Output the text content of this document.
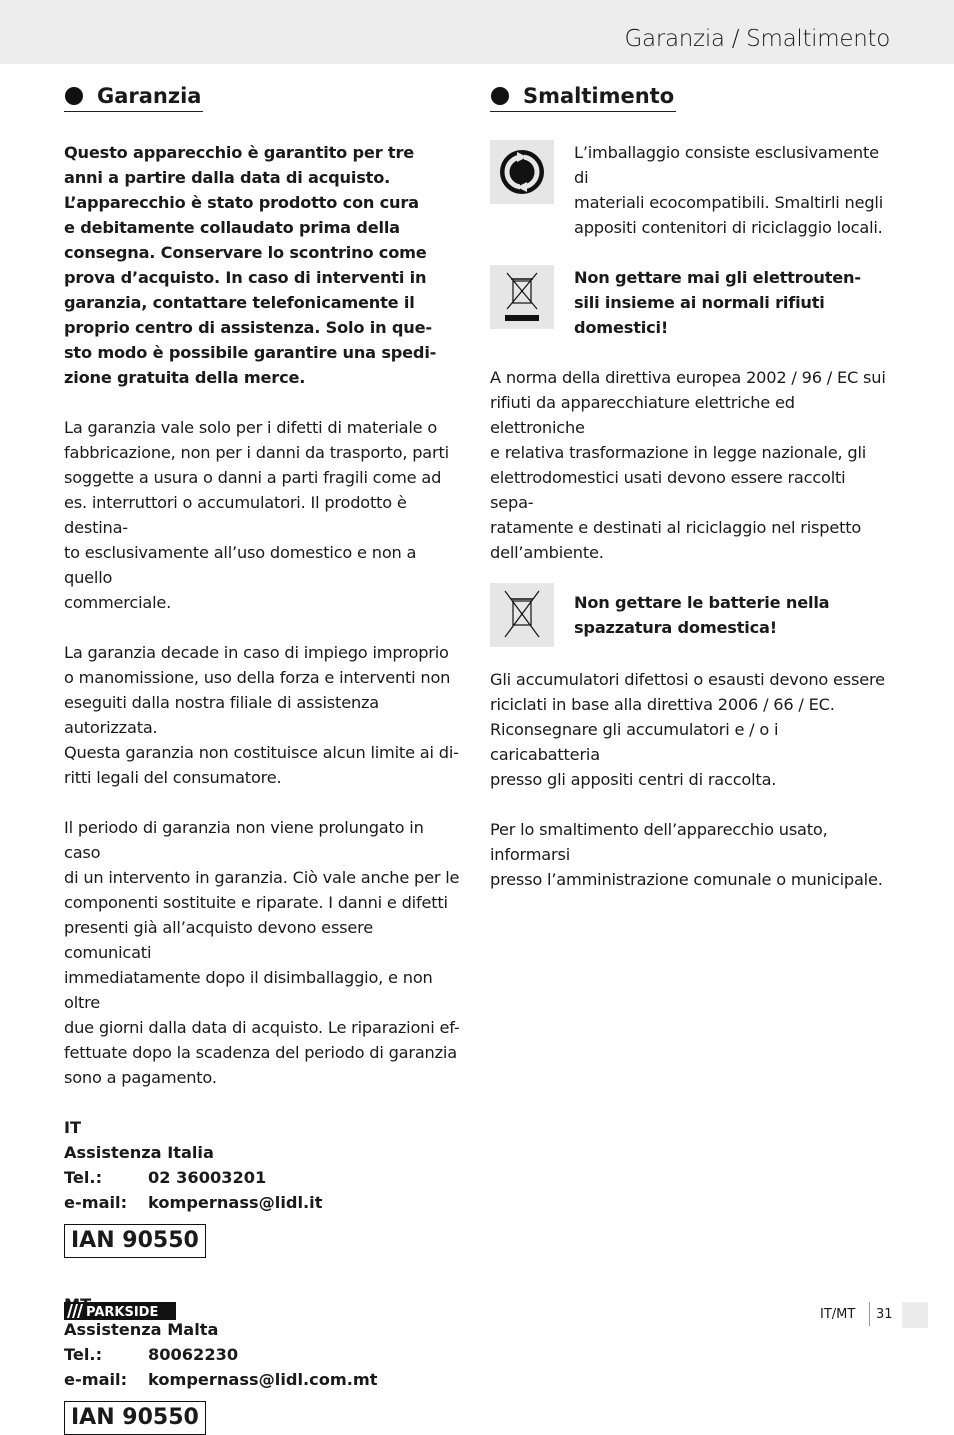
Garanzia / Smaltimento
Garanzia

Questo apparecchio è garantito per tre

anni a partire dalla data di acquisto.

L’apparecchio è stato prodotto con cura

e debitamente collaudato prima della

consegna. Conservare lo scontrino come

prova d’acquisto. In caso di interventi in

garanzia, contattare telefonicamente il

proprio centro di assistenza. Solo in que-

sto modo è possibile garantire una spedi-

zione gratuita della merce.

La garanzia vale solo per i difetti di materiale o

fabbricazione, non per i danni da trasporto, parti

soggette a usura o danni a parti fragili come ad

es. interruttori o accumulatori. Il prodotto è destina-

to esclusivamente all’uso domestico e non a quello

commerciale.

La garanzia decade in caso di impiego improprio

o manomissione, uso della forza e interventi non

eseguiti dalla nostra filiale di assistenza autorizzata.

Questa garanzia non costituisce alcun limite ai di-

ritti legali del consumatore.

Il periodo di garanzia non viene prolungato in caso

di un intervento in garanzia. Ciò vale anche per le

componenti sostituite e riparate. I danni e difetti

presenti già all’acquisto devono essere comunicati

immediatamente dopo il disimballaggio, e non oltre

due giorni dalla data di acquisto. Le riparazioni ef-

fettuate dopo la scadenza del periodo di garanzia

sono a pagamento.

IT
Assistenza Italia
Tel.:	02 36003201
e-mail:	kompernass@lidl.it
IAN 90550
Assistenza Malta
Tel.:	80062230
e-mail:	kompernass@lidl.com.mt
IAN 90550
Smaltimento

L’imballaggio consiste esclusivamente di

materiali ecocompatibili. Smaltirli negli

appositi contenitori di riciclaggio locali.

Non gettare mai gli elettrouten-

sili insieme ai normali rifiuti

domestici!

A norma della direttiva europea 2002 / 96 / EC sui

rifiuti da apparecchiature elettriche ed elettroniche

e relativa trasformazione in legge nazionale, gli

elettrodomestici usati devono essere raccolti sepa-

ratamente e destinati al riciclaggio nel rispetto

dell’ambiente.

Non gettare le batterie nella

spazzatura domestica!

Gli accumulatori difettosi o esausti devono essere

riciclati in base alla direttiva 2006 / 66 / EC.

Riconsegnare gli accumulatori e / o i caricabatteria

presso gli appositi centri di raccolta.

Per lo smaltimento dell’apparecchio usato, informarsi

presso l’amministrazione comunale o municipale.

PARKSIDE	IT/MT 31
